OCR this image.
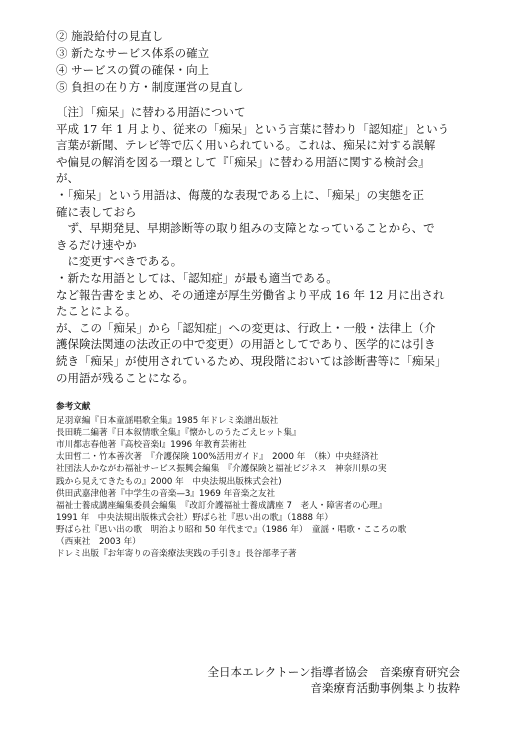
② 施設給付の見直し
③ 新たなサービス体系の確立
④ サービスの質の確保・向上
⑤ 負担の在り方・制度運営の見直し

〔注〕「痴呆」に替わる用語について

平成 17 年 1 月より、従来の「痴呆」という言葉に替わり「認知症」という

言葉が新聞、テレビ等で広く用いられている。これは、痴呆に対する誤解

や偏見の解消を図る一環として『「痴呆」に替わる用語に関する検討会』

が、

・「痴呆」という用語は、侮蔑的な表現である上に、「痴呆」の実態を正

確に表しておら

　ず、早期発見、早期診断等の取り組みの支障となっていることから、で

きるだけ速やか

　に変更すべきである。

・新たな用語としては、「認知症」が最も適当である。

など報告書をまとめ、その通達が厚生労働省より平成 16 年 12 月に出され

たことによる。

が、この「痴呆」から「認知症」への変更は、行政上・一般・法律上（介

護保険法関連の法改正の中で変更）の用語としてであり、医学的には引き

続き「痴呆」が使用されているため、現段階においては診断書等に「痴呆」

の用語が残ることになる。

参考文献

足羽章編『日本童謡唱歌全集』1985 年ドレミ楽譜出版社

長田暁二編著『日本叙情歌全集』『懐かしのうたごえヒット集』

市川都志春他著『高校音楽Ⅰ』1996 年教育芸術社

太田哲二・竹本善次著　『介護保険 100%活用ガイド』　2000 年　（株）中央経済社

社団法人かながわ福祉サービス振興会編集　『介護保険と福祉ビジネス　神奈川県の実

践から見えてきたもの』2000 年　中央法規出版株式会社)

供田武嘉津他著『中学生の音楽—3』1969 年音楽之友社

福祉士養成講座編集委員会編集　『改訂介護福祉士養成講座 7　老人・障害者の心理』

1991 年　中央法規出版株式会社）野ばら社『思い出の歌』（1888 年）

野ばら社『思い出の歌　明治より昭和 50 年代まで』（1986 年）　童謡・唱歌・こころの歌

（西東社　2003 年）

ドレミ出版『お年寄りの音楽療法実践の手引き』長谷部孝子著

全日本エレクトーン指導者協会　音楽療育研究会

音楽療育活動事例集より抜粋
